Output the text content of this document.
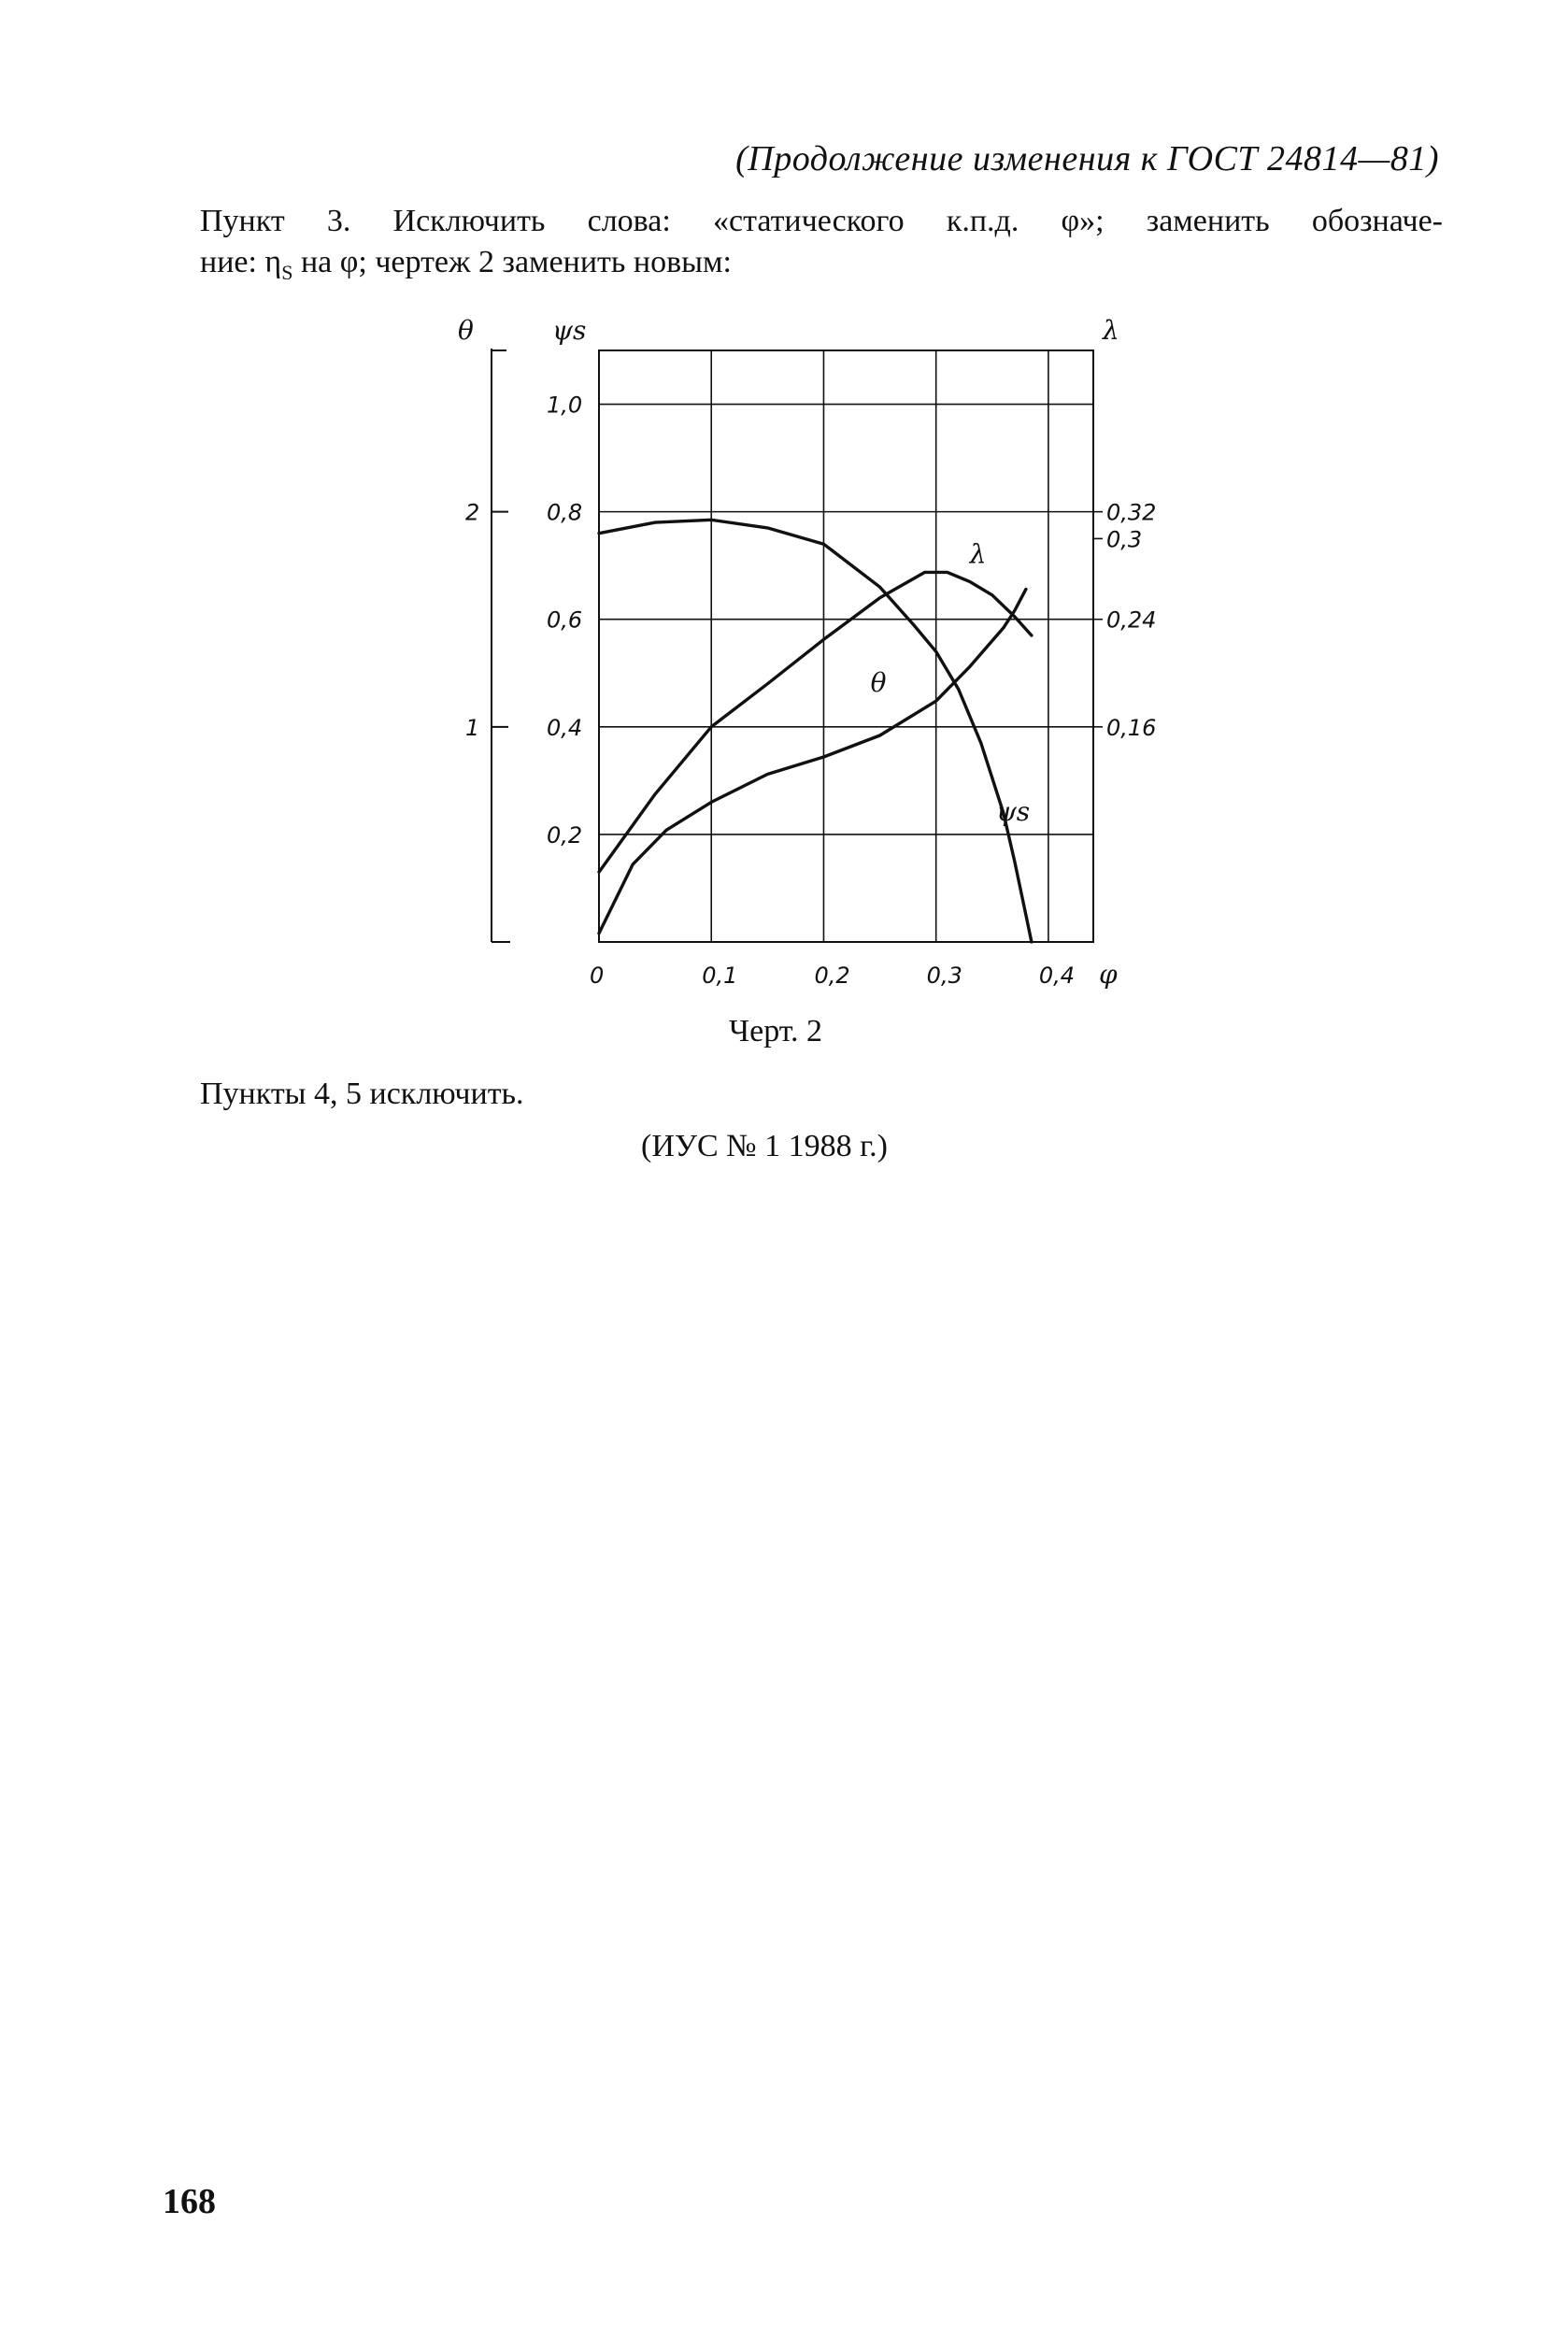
(Продолжение изменения к ГОСТ 24814—81)
Пункт 3. Исключить слова: «статического к.п.д. φ»; заменить обозначе-
ние: $\eta_S$ на φ; чертеж 2 заменить новым:
0	0,1	0,2	0,3	0,4 φ
0,2
0,4
0,6
0,8
1,0
ψs
0,3
0,16
0,24
0,32
λ
1
2
θ
λ
θ
ψs
Черт. 2
Пункты 4, 5 исключить.
(ИУС № 1 1988 г.)
168
